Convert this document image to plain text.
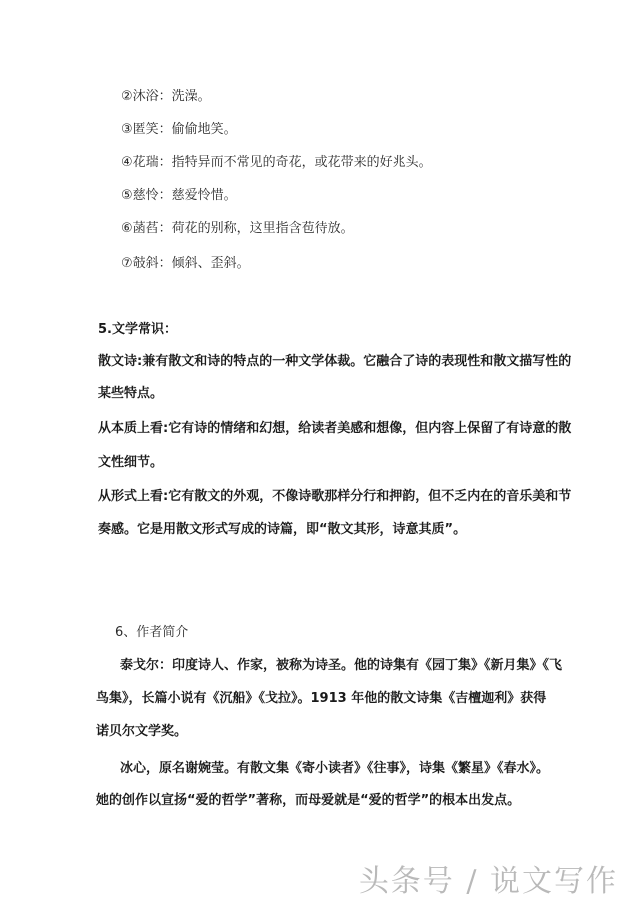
②沐浴：洗澡。
③匿笑：偷偷地笑。
④花瑞：指特异而不常见的奇花，或花带来的好兆头。
⑤慈怜：慈爱怜惜。
⑥菡萏：荷花的别称，这里指含苞待放。
⑦攲斜：倾斜、歪斜。
5.文学常识：
散文诗:兼有散文和诗的特点的一种文学体裁。它融合了诗的表现性和散文描写性的
某些特点。
从本质上看:它有诗的情绪和幻想，给读者美感和想像，但内容上保留了有诗意的散
文性细节。
从形式上看:它有散文的外观，不像诗歌那样分行和押韵，但不乏内在的音乐美和节
奏感。它是用散文形式写成的诗篇，即“散文其形，诗意其质”。
6、作者简介
泰戈尔：印度诗人、作家，被称为诗圣。他的诗集有《园丁集》《新月集》《飞
鸟集》，长篇小说有《沉船》《戈拉》。1913 年他的散文诗集《吉檀迦利》获得
诺贝尔文学奖。
冰心，原名谢婉莹。有散文集《寄小读者》《往事》，诗集《繁星》《春水》。
她的创作以宣扬“爱的哲学”著称，而母爱就是“爱的哲学”的根本出发点。
头条号 / 说文写作
